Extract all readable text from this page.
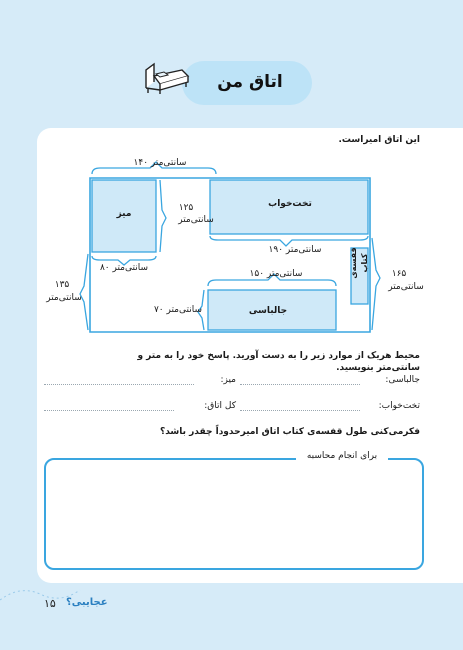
اتاق من
این اتاق امیراست.
۱۴۰ سانتی‌متر
میز
تخت‌خواب
۱۲۵
سانتی‌متر
۱۹۰ سانتی‌متر	قفسه‌ی کتاب
۱۶۵
سانتی‌متر
۸۰ سانتی‌متر
۱۵۰ سانتی‌متر
۱۳۵
سانتی‌متر
۷۰ سانتی‌متر	جالباسی
محیط هریک از موارد زیر را به دست آورید. پاسخ خود را به متر و سانتی‌متر بنویسید.
جالباسی:
میز:
تخت‌خواب:
کل اتاق:
فکرمی‌کنی طول قفسه‌ی کتاب اتاق امیرحدوداً چقدر باشد؟
برای انجام محاسبه
عجایبی؟
۱۵
